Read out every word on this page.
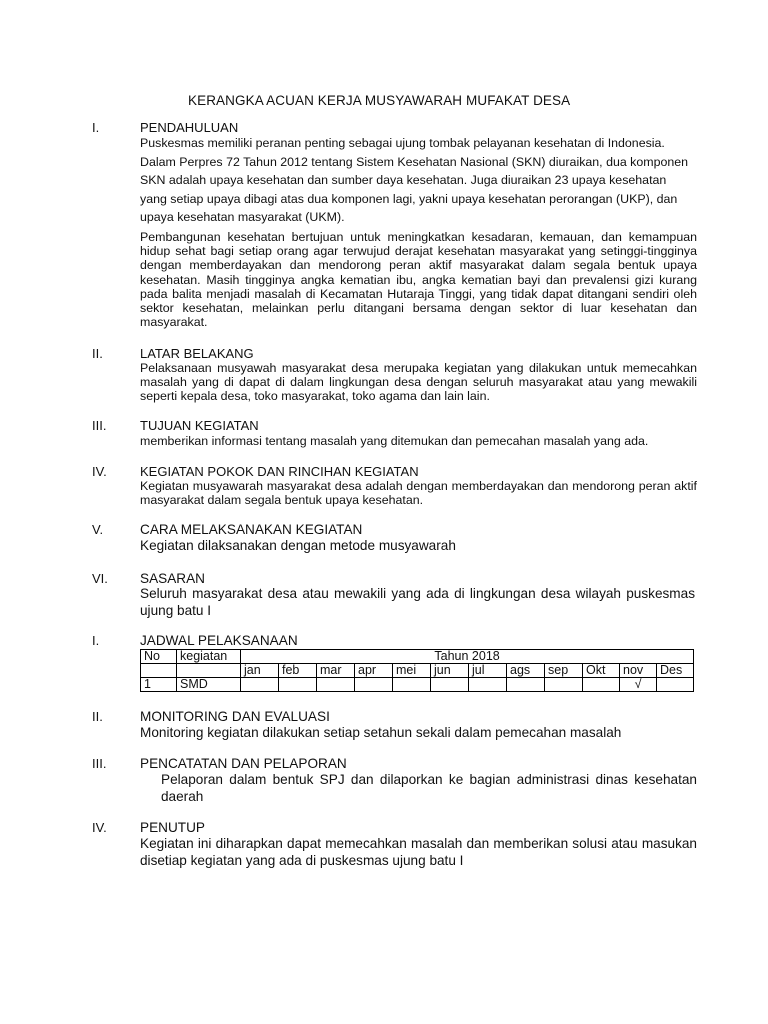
KERANGKA ACUAN KERJA MUSYAWARAH MUFAKAT DESA
I.	PENDAHULUAN
Puskesmas memiliki peranan penting sebagai ujung tombak pelayanan kesehatan di Indonesia.
Dalam Perpres 72 Tahun 2012 tentang Sistem Kesehatan Nasional (SKN) diuraikan, dua komponen
SKN adalah upaya kesehatan dan sumber daya kesehatan. Juga diuraikan 23 upaya kesehatan
yang setiap upaya dibagi atas dua komponen lagi, yakni upaya kesehatan perorangan (UKP), dan
upaya kesehatan masyarakat (UKM).
Pembangunan kesehatan bertujuan untuk meningkatkan kesadaran, kemauan, dan kemampuan hidup sehat bagi setiap orang agar terwujud derajat kesehatan masyarakat yang setinggi-tingginya dengan memberdayakan dan mendorong peran aktif masyarakat dalam segala bentuk upaya kesehatan. Masih tingginya angka kematian ibu, angka kematian bayi dan prevalensi gizi kurang pada balita menjadi masalah di Kecamatan Hutaraja Tinggi, yang tidak dapat ditangani sendiri oleh sektor kesehatan, melainkan perlu ditangani bersama dengan sektor di luar kesehatan dan masyarakat.
II.	LATAR BELAKANG
Pelaksanaan musyawah masyarakat desa merupaka kegiatan yang dilakukan untuk memecahkan masalah yang di dapat di dalam lingkungan desa dengan seluruh masyarakat atau yang mewakili seperti kepala desa, toko masyarakat, toko agama dan lain lain.
III.	TUJUAN KEGIATAN
memberikan informasi tentang masalah yang ditemukan dan pemecahan masalah yang ada.
IV.	KEGIATAN POKOK DAN RINCIHAN KEGIATAN
Kegiatan musyawarah masyarakat desa adalah dengan memberdayakan dan mendorong peran aktif masyarakat dalam segala bentuk upaya kesehatan.
V.	CARA MELAKSANAKAN KEGIATAN
Kegiatan dilaksanakan dengan metode musyawarah
VI. SASARAN
Seluruh masyarakat desa atau mewakili yang ada di lingkungan desa wilayah puskesmas ujung batu I
I.	JADWAL PELAKSANAAN
No	kegiatan	Tahun 2018											
		jan	feb	mar	apr	mei	jun	jul	ags	sep	Okt	nov	Des
1	SMD											√	
II.	MONITORING DAN EVALUASI
Monitoring kegiatan dilakukan setiap setahun sekali dalam pemecahan masalah
III. PENCATATAN DAN PELAPORAN
Pelaporan dalam bentuk SPJ dan dilaporkan ke bagian administrasi dinas kesehatan daerah
IV. PENUTUP
Kegiatan ini diharapkan dapat memecahkan masalah dan memberikan solusi atau masukan disetiap kegiatan yang ada di puskesmas ujung batu I
